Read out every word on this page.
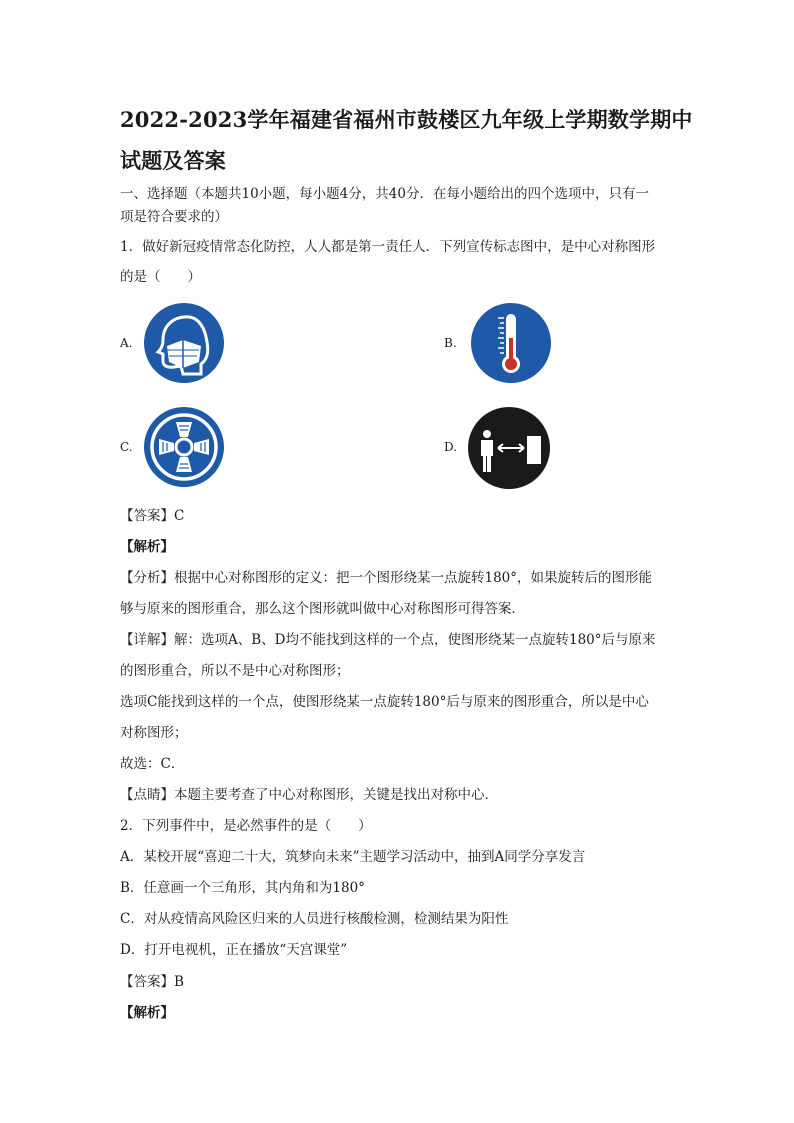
2022-2023学年福建省福州市鼓楼区九年级上学期数学期中
试题及答案
一、选择题（本题共10小题，每小题4分，共40分．在每小题给出的四个选项中，只有一
项是符合要求的）
1．做好新冠疫情常态化防控，人人都是第一责任人．下列宣传标志图中，是中心对称图形
的是（　　）
A.	B.
C.	D.
【答案】C
【解析】
【分析】根据中心对称图形的定义：把一个图形绕某一点旋转180°，如果旋转后的图形能
够与原来的图形重合，那么这个图形就叫做中心对称图形可得答案．
【详解】解：选项A、B、D均不能找到这样的一个点，使图形绕某一点旋转180°后与原来
的图形重合，所以不是中心对称图形；
选项C能找到这样的一个点，使图形绕某一点旋转180°后与原来的图形重合，所以是中心
对称图形；
故选：C．
【点睛】本题主要考查了中心对称图形，关键是找出对称中心．
2．下列事件中，是必然事件的是（　　）
A．某校开展“喜迎二十大，筑梦向未来”主题学习活动中，抽到A同学分享发言
B．任意画一个三角形，其内角和为180°
C．对从疫情高风险区归来的人员进行核酸检测，检测结果为阳性
D．打开电视机，正在播放“天宫课堂”
【答案】B
【解析】
